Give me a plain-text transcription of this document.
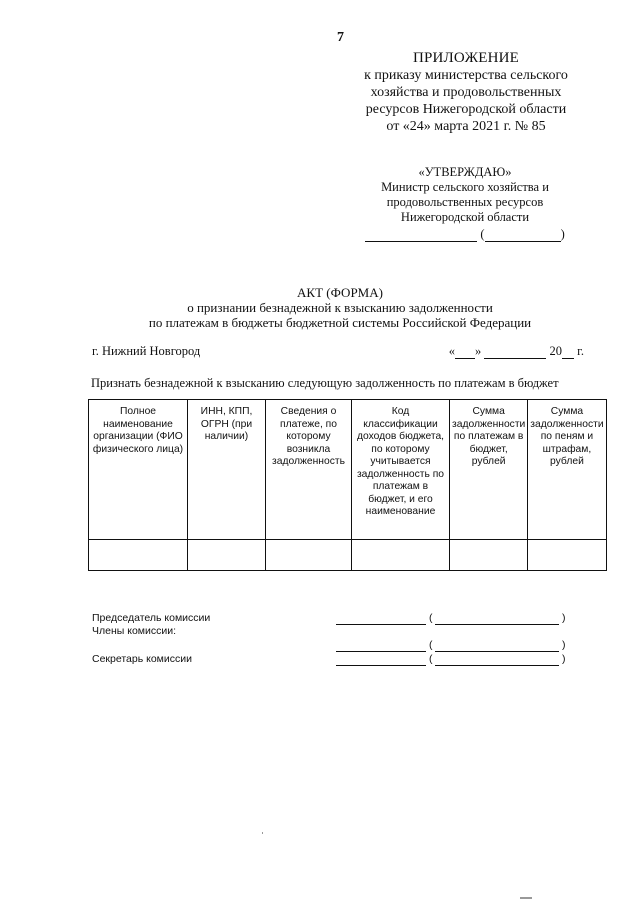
7
ПРИЛОЖЕНИЕ
к приказу министерства сельского
хозяйства и продовольственных
ресурсов Нижегородской области
от «24» марта 2021 г. № 85
«УТВЕРЖДАЮ»
Министр сельского хозяйства и
продовольственных ресурсов
Нижегородской области
(	)
АКТ (ФОРМА)
о признании безнадежной к взысканию задолженности
по платежам в бюджеты бюджетной системы Российской Федерации
г. Нижний Новгород	« »	20 г.
Признать безнадежной к взысканию следующую задолженность по платежам в бюджет
Полное наименование организации (ФИО физического лица)	ИНН, КПП, ОГРН (при наличии)	Сведения о платеже, по которому возникла задолженность	Код классификации доходов бюджета, по которому учитывается задолженность по платежам в бюджет, и его наименование	Сумма задолженности по платежам в бюджет, рублей	Сумма задолженности по пеням и штрафам, рублей

Председатель комиссии	(	)
Члены комиссии:
(	)
Секретарь комиссии	(	)
